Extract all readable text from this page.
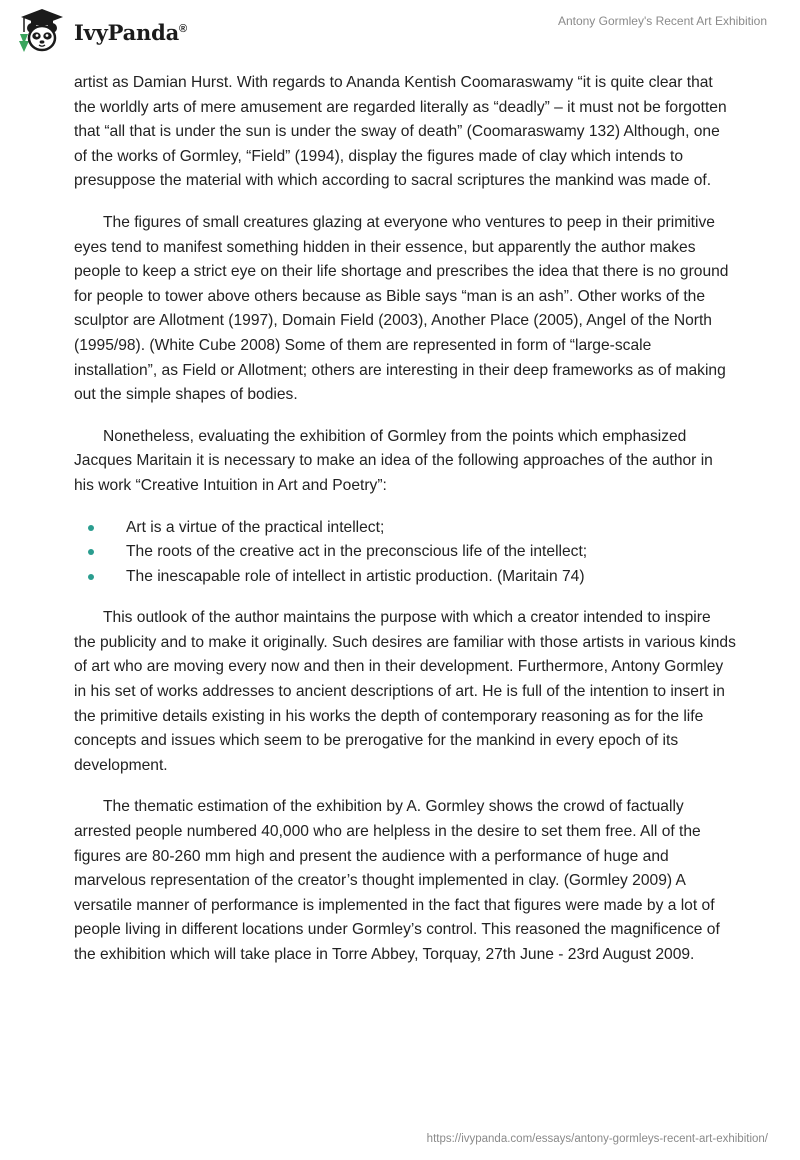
IvyPanda®
Antony Gormley's Recent Art Exhibition

artist as Damian Hurst. With regards to Ananda Kentish Coomaraswamy “it is quite clear that the worldly arts of mere amusement are regarded literally as “deadly” – it must not be forgotten that “all that is under the sun is under the sway of death” (Coomaraswamy 132) Although, one of the works of Gormley, “Field” (1994), display the figures made of clay which intends to presuppose the material with which according to sacral scriptures the mankind was made of.

The figures of small creatures glazing at everyone who ventures to peep in their primitive eyes tend to manifest something hidden in their essence, but apparently the author makes people to keep a strict eye on their life shortage and prescribes the idea that there is no ground for people to tower above others because as Bible says “man is an ash”. Other works of the sculptor are Allotment (1997), Domain Field (2003), Another Place (2005), Angel of the North (1995/98). (White Cube 2008) Some of them are represented in form of “large-scale installation”, as Field or Allotment; others are interesting in their deep frameworks as of making out the simple shapes of bodies.

Nonetheless, evaluating the exhibition of Gormley from the points which emphasized Jacques Maritain it is necessary to make an idea of the following approaches of the author in his work “Creative Intuition in Art and Poetry”:

Art is a virtue of the practical intellect;
The roots of the creative act in the preconscious life of the intellect;
The inescapable role of intellect in artistic production. (Maritain 74)

This outlook of the author maintains the purpose with which a creator intended to inspire the publicity and to make it originally. Such desires are familiar with those artists in various kinds of art who are moving every now and then in their development. Furthermore, Antony Gormley in his set of works addresses to ancient descriptions of art. He is full of the intention to insert in the primitive details existing in his works the depth of contemporary reasoning as for the life concepts and issues which seem to be prerogative for the mankind in every epoch of its development.

The thematic estimation of the exhibition by A. Gormley shows the crowd of factually arrested people numbered 40,000 who are helpless in the desire to set them free. All of the figures are 80-260 mm high and present the audience with a performance of huge and marvelous representation of the creator’s thought implemented in clay. (Gormley 2009) A versatile manner of performance is implemented in the fact that figures were made by a lot of people living in different locations under Gormley’s control. This reasoned the magnificence of the exhibition which will take place in Torre Abbey, Torquay, 27th June - 23rd August 2009.

https://ivypanda.com/essays/antony-gormleys-recent-art-exhibition/
